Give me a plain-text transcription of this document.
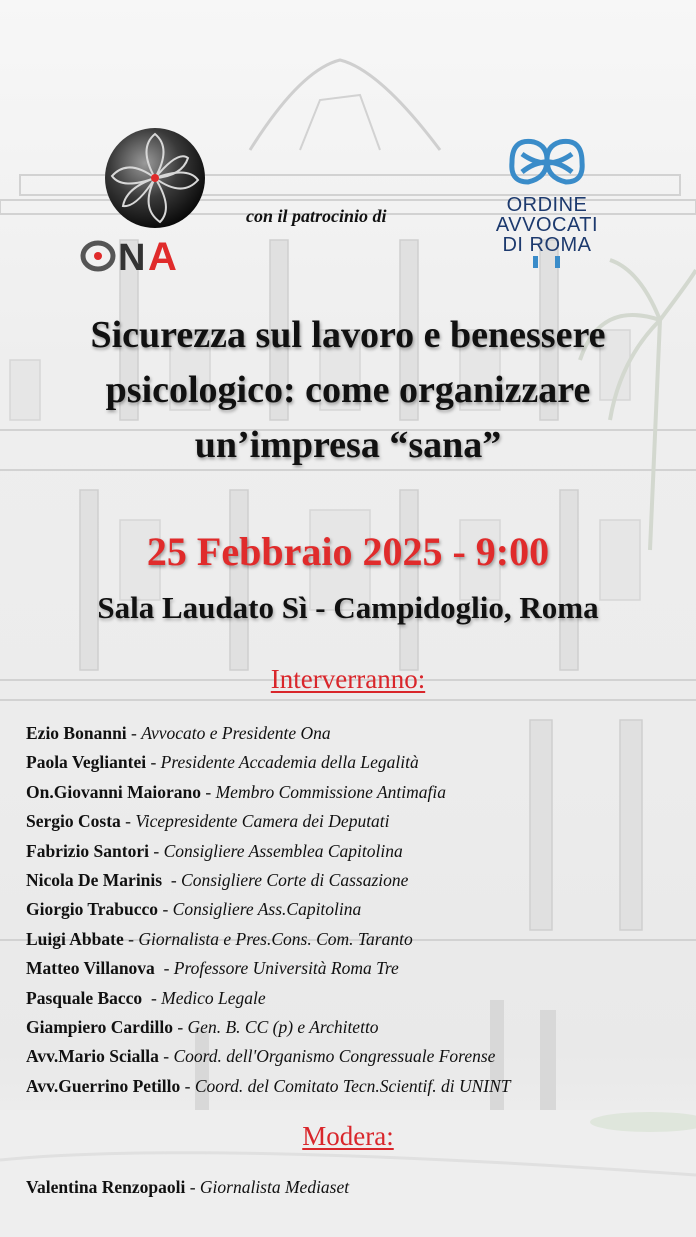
N A
con il patrocinio di	ORDINE
AVVOCATI
DI ROMA
Sicurezza sul lavoro e benessere
psicologico: come organizzare
un’impresa “sana”
25 Febbraio 2025 - 9:00
Sala Laudato Sì - Campidoglio, Roma
Interverranno:
Ezio Bonanni - Avvocato e Presidente Ona
Paola Vegliantei - Presidente Accademia della Legalità
On.Giovanni Maiorano - Membro Commissione Antimafia
Sergio Costa - Vicepresidente Camera dei Deputati
Fabrizio Santori - Consigliere Assemblea Capitolina
Nicola De Marinis  - Consigliere Corte di Cassazione
Giorgio Trabucco - Consigliere Ass.Capitolina
Luigi Abbate - Giornalista e Pres.Cons. Com. Taranto
Matteo Villanova  - Professore Università Roma Tre
Pasquale Bacco  - Medico Legale
Giampiero Cardillo - Gen. B. CC (p) e Architetto
Avv.Mario Scialla - Coord. dell'Organismo Congressuale Forense
Avv.Guerrino Petillo - Coord. del Comitato Tecn.Scientif. di UNINT
Modera:
Valentina Renzopaoli - Giornalista Mediaset
